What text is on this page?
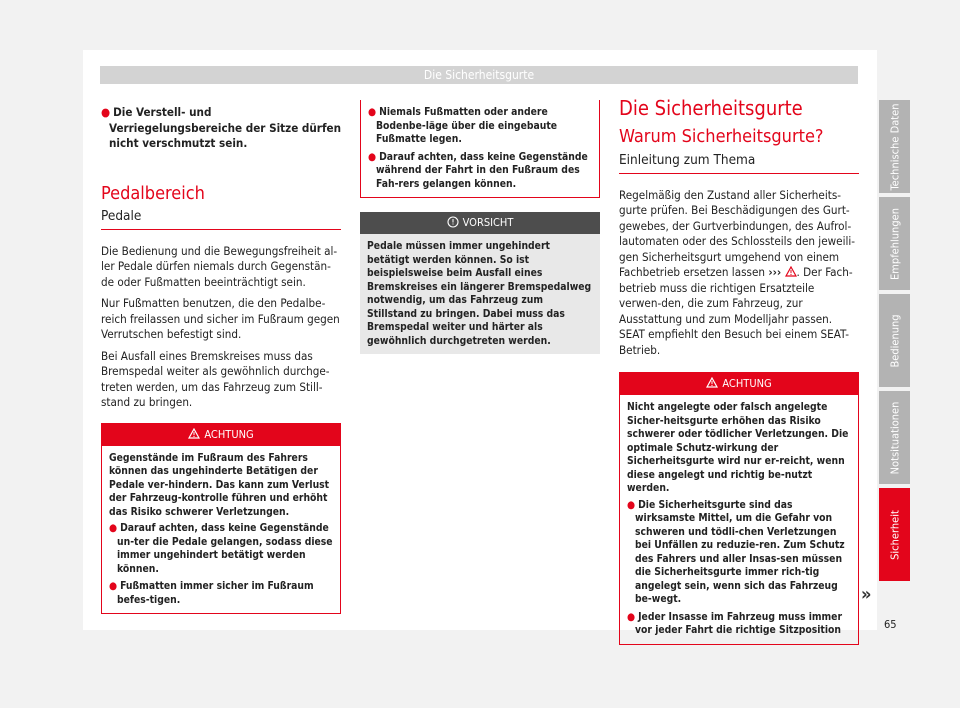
Die Sicherheitsgurte
● Die Verstell- und Verriegelungsbereiche der Sitze dürfen nicht verschmutzt sein.
Pedalbereich
Pedale

Die Bedienung und die Bewegungsfreiheit al-ler Pedale dürfen niemals durch Gegenstän-de oder Fußmatten beeinträchtigt sein.

Nur Fußmatten benutzen, die den Pedalbe-reich freilassen und sicher im Fußraum gegen Verrutschen befestigt sind.

Bei Ausfall eines Bremskreises muss das Bremspedal weiter als gewöhnlich durchge-treten werden, um das Fahrzeug zum Still-stand zu bringen.

ACHTUNG
Gegenstände im Fußraum des Fahrers können das ungehinderte Betätigen der Pedale ver-hindern. Das kann zum Verlust der Fahrzeug-kontrolle führen und erhöht das Risiko schwerer Verletzungen.
● Darauf achten, dass keine Gegenstände un-ter die Pedale gelangen, sodass diese immer ungehindert betätigt werden können.
● Fußmatten immer sicher im Fußraum befes-tigen.
● Niemals Fußmatten oder andere Bodenbe-läge über die eingebaute Fußmatte legen.
● Darauf achten, dass keine Gegenstände während der Fahrt in den Fußraum des Fah-rers gelangen können.
VORSICHT
Pedale müssen immer ungehindert betätigt werden können. So ist beispielsweise beim Ausfall eines Bremskreises ein längerer Bremspedalweg notwendig, um das Fahrzeug zum Stillstand zu bringen. Dabei muss das Bremspedal weiter und härter als gewöhnlich durchgetreten werden.
Die Sicherheitsgurte
Warum Sicherheitsgurte?
Einleitung zum Thema

Regelmäßig den Zustand aller Sicherheits-gurte prüfen. Bei Beschädigungen des Gurt-gewebes, der Gurtverbindungen, des Aufrol-lautomaten oder des Schlossteils den jeweili-gen Sicherheitsgurt umgehend von einem Fachbetrieb ersetzen lassen ››› . Der Fach-betrieb muss die richtigen Ersatzteile verwen-den, die zum Fahrzeug, zur Ausstattung und zum Modelljahr passen. SEAT empfiehlt den Besuch bei einem SEAT-Betrieb.

ACHTUNG
Nicht angelegte oder falsch angelegte Sicher-heitsgurte erhöhen das Risiko schwerer oder tödlicher Verletzungen. Die optimale Schutz-wirkung der Sicherheitsgurte wird nur er-reicht, wenn diese angelegt und richtig be-nutzt werden.
● Die Sicherheitsgurte sind das wirksamste Mittel, um die Gefahr von schweren und tödli-chen Verletzungen bei Unfällen zu reduzie-ren. Zum Schutz des Fahrers und aller Insas-sen müssen die Sicherheitsgurte immer rich-tig angelegt sein, wenn sich das Fahrzeug be-wegt.
● Jeder Insasse im Fahrzeug muss immer vor jeder Fahrt die richtige Sitzposition
»
Technische Daten
Empfehlungen
Bedienung
Notsituationen
Sicherheit
65
